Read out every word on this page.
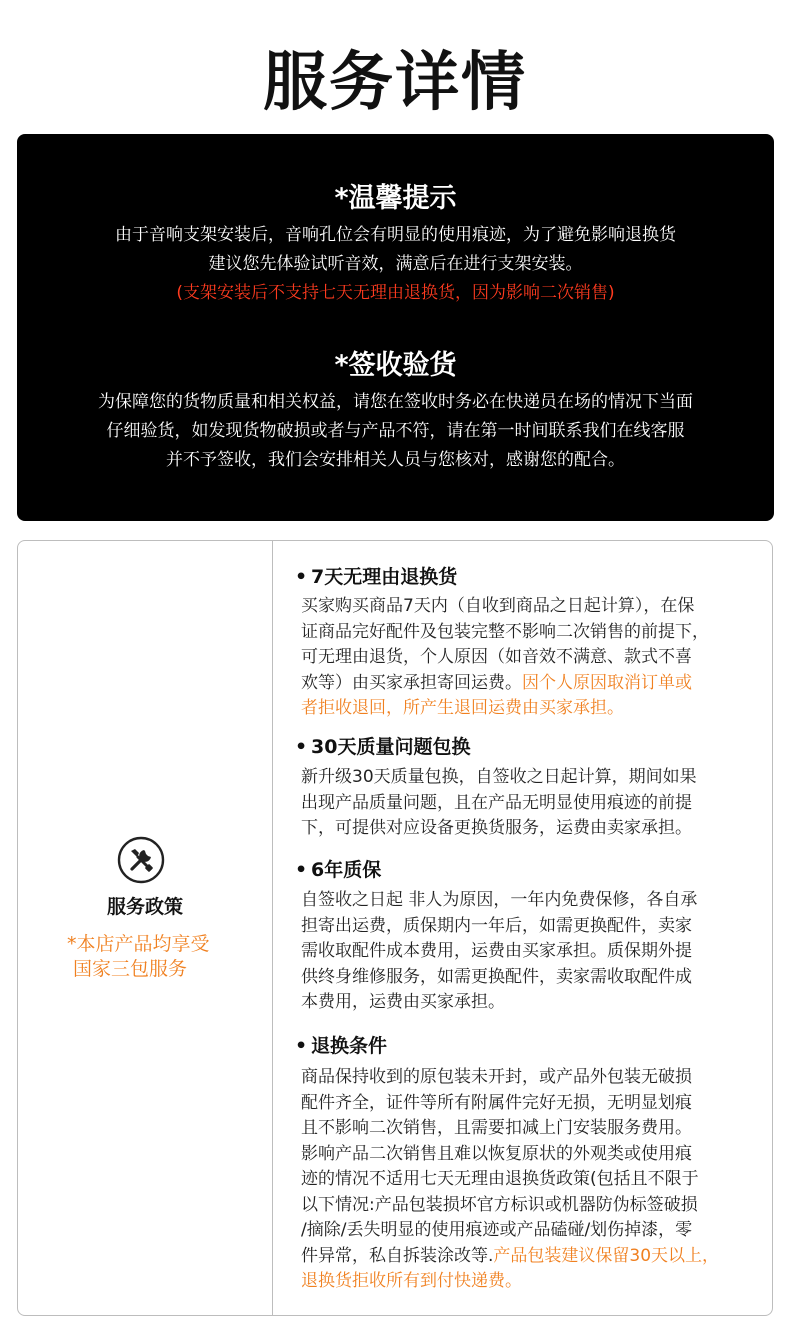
服务详情
*温馨提示
由于音响支架安装后，音响孔位会有明显的使用痕迹，为了避免影响退换货
建议您先体验试听音效，满意后在进行支架安装。
(支架安装后不支持七天无理由退换货，因为影响二次销售)
*签收验货
为保障您的货物质量和相关权益，请您在签收时务必在快递员在场的情况下当面
仔细验货，如发现货物破损或者与产品不符，请在第一时间联系我们在线客服
并不予签收，我们会安排相关人员与您核对，感谢您的配合。
服务政策
*本店产品均享受
国家三包服务
• 7天无理由退换货
买家购买商品7天内（自收到商品之日起计算），在保
证商品完好配件及包装完整不影响二次销售的前提下，
可无理由退货，个人原因（如音效不满意、款式不喜
欢等）由买家承担寄回运费。因个人原因取消订单或
者拒收退回，所产生退回运费由买家承担。
• 30天质量问题包换
新升级30天质量包换，自签收之日起计算，期间如果
出现产品质量问题，且在产品无明显使用痕迹的前提
下，可提供对应设备更换货服务，运费由卖家承担。
• 6年质保
自签收之日起 非人为原因，一年内免费保修，各自承
担寄出运费，质保期内一年后，如需更换配件，卖家
需收取配件成本费用，运费由买家承担。质保期外提
供终身维修服务，如需更换配件，卖家需收取配件成
本费用，运费由买家承担。
• 退换条件
商品保持收到的原包装未开封，或产品外包装无破损
配件齐全，证件等所有附属件完好无损，无明显划痕
且不影响二次销售，且需要扣减上门安装服务费用。
影响产品二次销售且难以恢复原状的外观类或使用痕
迹的情况不适用七天无理由退换货政策(包括且不限于
以下情况:产品包装损坏官方标识或机器防伪标签破损
/摘除/丢失明显的使用痕迹或产品磕碰/划伤掉漆，零
件异常，私自拆装涂改等.产品包装建议保留30天以上，
退换货拒收所有到付快递费。
